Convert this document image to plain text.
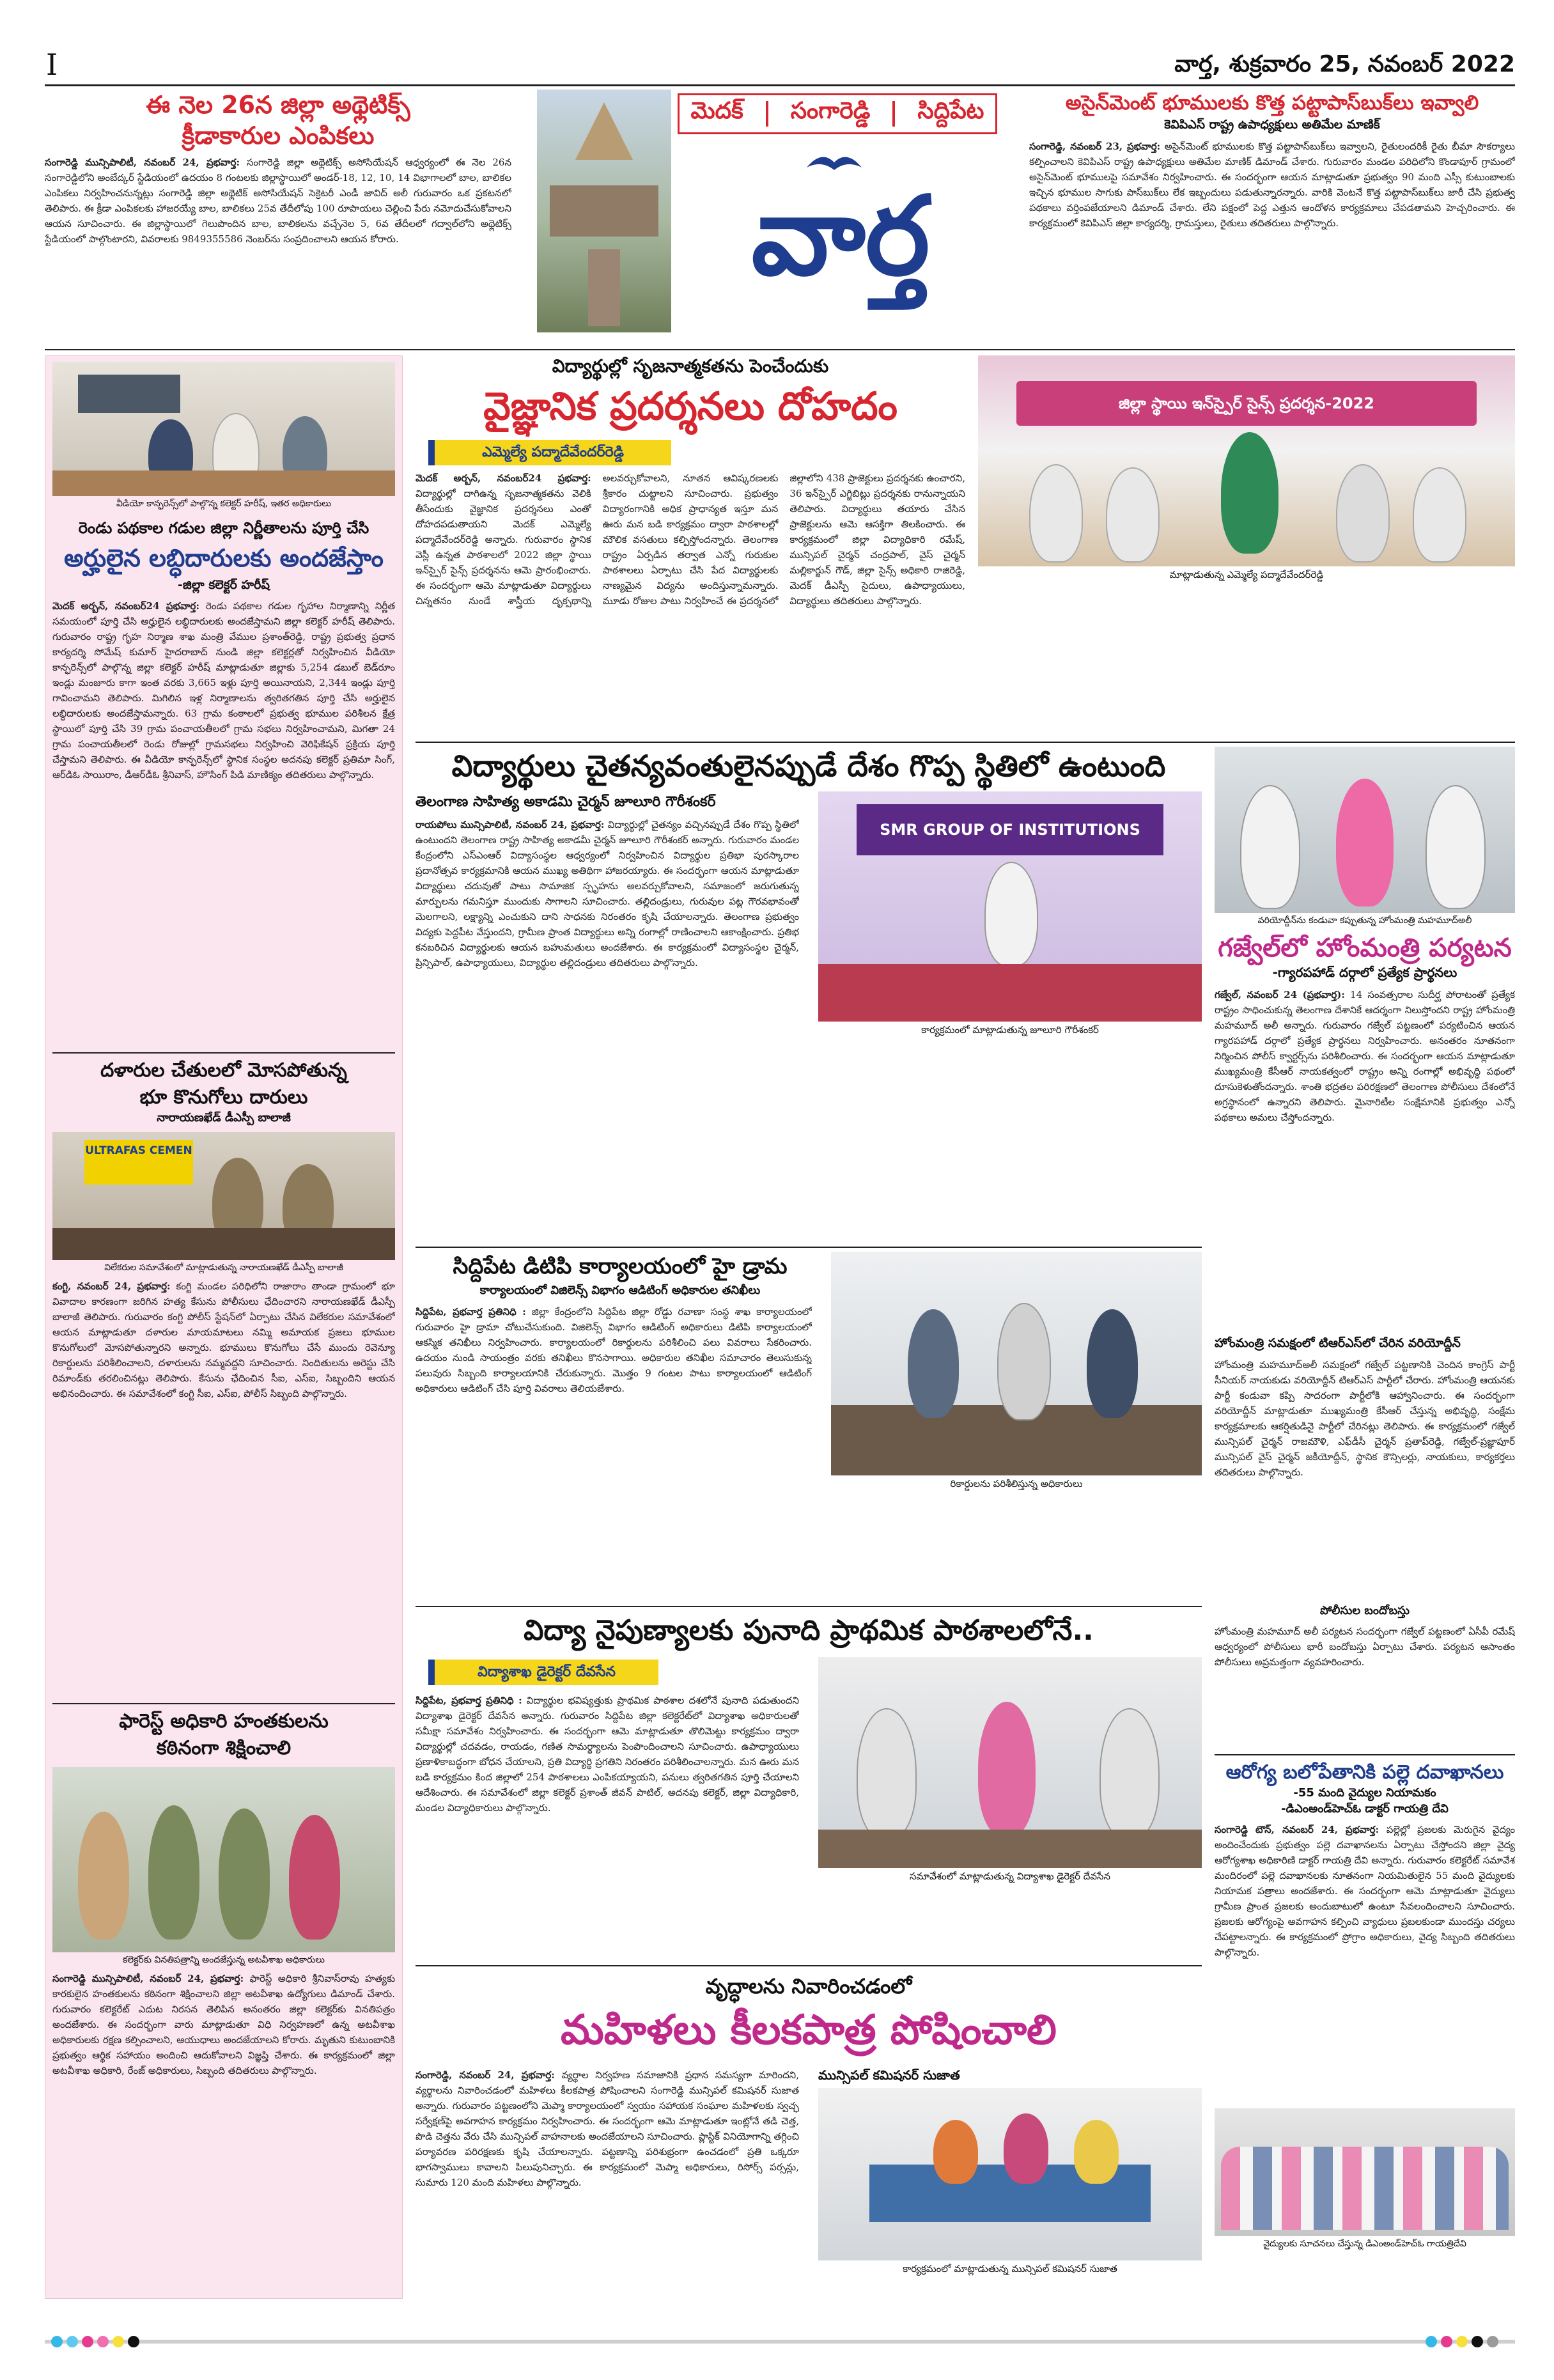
I	వార్త, శుక్రవారం 25, నవంబర్ 2022
ఈ నెల 26న జిల్లా అథ్లెటిక్స్
క్రీడాకారుల ఎంపికలు
సంగారెడ్డి మున్సిపాలిటీ, నవంబర్ 24, ప్రభవార్త: సంగారెడ్డి జిల్లా అథ్లెటిక్స్ అసోసియేషన్ ఆధ్వర్యంలో ఈ నెల 26న సంగారెడ్డిలోని అంబేద్కర్ స్టేడియంలో ఉదయం 8 గంటలకు జిల్లాస్థాయిలో అండర్-18, 12, 10, 14 విభాగాలలో బాల, బాలికల ఎంపికలు నిర్వహించనున్నట్లు సంగారెడ్డి జిల్లా అథ్లెటిక్ అసోసియేషన్ సెక్రెటరీ ఎండీ జావిద్ అలీ గురువారం ఒక ప్రకటనలో తెలిపారు. ఈ క్రీడా ఎంపికలకు హాజరయ్యే బాల, బాలికలు 25వ తేదీలోపు 100 రూపాయలు చెల్లించి పేరు నమోదుచేసుకోవాలని ఆయన సూచించారు. ఈ జిల్లాస్థాయిలో గెలుపొందిన బాల, బాలికలను వచ్చేనెల 5, 6వ తేదీలలో గద్వాల్‌లోని అథ్లెటిక్స్ స్టేడియంలో పాల్గొంటారని, వివరాలకు 9849355586 నెంబర్‌ను సంప్రదించాలని ఆయన కోరారు.
మెదక్ సంగారెడ్డి సిద్దిపేట
వార్త
అసైన్‌మెంట్ భూములకు కొత్త పట్టాపాస్‌బుక్‌లు ఇవ్వాలి
కెవిపిఎస్ రాష్ట్ర ఉపాధ్యక్షులు అతిమేల మాణిక్
సంగారెడ్డి, నవంబర్ 23, ప్రభవార్త: అసైన్‌మెంట్ భూములకు కొత్త పట్టాపాస్‌బుక్‌లు ఇవ్వాలని, రైతులందరికీ రైతు బీమా సౌకర్యాలు కల్పించాలని కెవిపిఎస్ రాష్ట్ర ఉపాధ్యక్షులు అతిమేల మాణిక్ డిమాండ్ చేశారు. గురువారం మండల పరిధిలోని కొండాపూర్ గ్రామంలో అసైన్‌మెంట్ భూములపై సమావేశం నిర్వహించారు. ఈ సందర్భంగా ఆయన మాట్లాడుతూ ప్రభుత్వం 90 మంది ఎస్సీ కుటుంబాలకు ఇచ్చిన భూముల సాగుకు పాస్‌బుక్‌లు లేక ఇబ్బందులు పడుతున్నారన్నారు. వారికి వెంటనే కొత్త పట్టాపాస్‌బుక్‌లు జారీ చేసి ప్రభుత్వ పథకాలు వర్తింపజేయాలని డిమాండ్ చేశారు. లేని పక్షంలో పెద్ద ఎత్తున ఆందోళన కార్యక్రమాలు చేపడతామని హెచ్చరించారు. ఈ కార్యక్రమంలో కెవిపిఎస్ జిల్లా కార్యదర్శి, గ్రామస్తులు, రైతులు తదితరులు పాల్గొన్నారు.
వీడియో కాన్ఫరెన్స్‌లో పాల్గొన్న కలెక్టర్ హరీష్, ఇతర అధికారులు
రెండు పథకాల గడుల జిల్లా నిర్ణీతాలను పూర్తి చేసి
అర్హులైన లబ్ధిదారులకు అందజేస్తాం
-జిల్లా కలెక్టర్ హరీష్
మెదక్ అర్బన్, నవంబర్24 ప్రభవార్త: రెండు పథకాల గడుల గృహాల నిర్మాణాన్ని నిర్ణీత సమయంలో పూర్తి చేసి అర్హులైన లబ్ధిదారులకు అందజేస్తామని జిల్లా కలెక్టర్ హరీష్ తెలిపారు. గురువారం రాష్ట్ర గృహ నిర్మాణ శాఖ మంత్రి వేముల ప్రశాంత్‌రెడ్డి, రాష్ట్ర ప్రభుత్వ ప్రధాన కార్యదర్శి సోమేష్ కుమార్ హైదరాబాద్ నుండి జిల్లా కలెక్టర్లతో నిర్వహించిన వీడియో కాన్ఫరెన్స్‌లో పాల్గొన్న జిల్లా కలెక్టర్ హరీష్ మాట్లాడుతూ జిల్లాకు 5,254 డబుల్ బెడ్‌రూం ఇండ్లు మంజూరు కాగా ఇంత వరకు 3,665 ఇళ్లు పూర్తి అయినాయని, 2,344 ఇండ్లు పూర్తి గావించామని తెలిపారు. మిగిలిన ఇళ్ల నిర్మాణాలను త్వరితగతిన పూర్తి చేసి అర్హులైన లబ్ధిదారులకు అందజేస్తామన్నారు. 63 గ్రామ కంఠాలలో ప్రభుత్వ భూముల పరిశీలన క్షేత్ర స్థాయిలో పూర్తి చేసి 39 గ్రామ పంచాయతీలలో గ్రామ సభలు నిర్వహించామని, మిగతా 24 గ్రామ పంచాయతీలలో రెండు రోజుల్లో గ్రామసభలు నిర్వహించి వెరిఫికేషన్ ప్రక్రియ పూర్తి చేస్తామని తెలిపారు. ఈ వీడియో కాన్ఫరెన్స్‌లో స్థానిక సంస్థల అదనపు కలెక్టర్ ప్రతిమా సింగ్, ఆర్‌డిఓ సాయిరాం, డీఆర్‌డీఓ శ్రీనివాస్, హౌసింగ్ పిడి మాణిక్యం తదితరులు పాల్గొన్నారు.
దళారుల చేతులలో మోసపోతున్న
భూ కొనుగోలు దారులు
నారాయణఖేడ్ డీఎస్పీ బాలాజీ
ULTRAFAS CEMEN
విలేకరుల సమావేశంలో మాట్లాడుతున్న నారాయణఖేడ్ డీఎస్పీ బాలాజీ
కంగ్టి, నవంబర్ 24, ప్రభవార్త: కంగ్టి మండల పరిధిలోని రాజారాం తాండా గ్రామంలో భూ వివాదాల కారణంగా జరిగిన హత్య కేసును పోలీసులు ఛేదించారని నారాయణఖేడ్ డీఎస్పీ బాలాజీ తెలిపారు. గురువారం కంగ్టి పోలీస్ స్టేషన్‌లో ఏర్పాటు చేసిన విలేకరుల సమావేశంలో ఆయన మాట్లాడుతూ దళారుల మాయమాటలు నమ్మి అమాయక ప్రజలు భూముల కొనుగోలులో మోసపోతున్నారని అన్నారు. భూములు కొనుగోలు చేసే ముందు రెవెన్యూ రికార్డులను పరిశీలించాలని, దళారులను నమ్మవద్దని సూచించారు. నిందితులను అరెస్టు చేసి రిమాండ్‌కు తరలించినట్లు తెలిపారు. కేసును ఛేదించిన సీఐ, ఎస్ఐ, సిబ్బందిని ఆయన అభినందించారు. ఈ సమావేశంలో కంగ్టి సీఐ, ఎస్ఐ, పోలీస్ సిబ్బంది పాల్గొన్నారు.
ఫారెస్ట్ అధికారి హంతకులను
కఠినంగా శిక్షించాలి
కలెక్టర్‌కు వినతిపత్రాన్ని అందజేస్తున్న అటవీశాఖ అధికారులు
సంగారెడ్డి మున్సిపాలిటీ, నవంబర్ 24, ప్రభవార్త: ఫారెస్ట్ అధికారి శ్రీనివాస్‌రావు హత్యకు కారకులైన హంతకులను కఠినంగా శిక్షించాలని జిల్లా అటవీశాఖ ఉద్యోగులు డిమాండ్ చేశారు. గురువారం కలెక్టరేట్ ఎదుట నిరసన తెలిపిన అనంతరం జిల్లా కలెక్టర్‌కు వినతిపత్రం అందజేశారు. ఈ సందర్భంగా వారు మాట్లాడుతూ విధి నిర్వహణలో ఉన్న అటవీశాఖ అధికారులకు రక్షణ కల్పించాలని, ఆయుధాలు అందజేయాలని కోరారు. మృతుని కుటుంబానికి ప్రభుత్వం ఆర్థిక సహాయం అందించి ఆదుకోవాలని విజ్ఞప్తి చేశారు. ఈ కార్యక్రమంలో జిల్లా అటవీశాఖ అధికారి, రేంజ్ అధికారులు, సిబ్బంది తదితరులు పాల్గొన్నారు.
విద్యార్థుల్లో సృజనాత్మకతను పెంచేందుకు
వైజ్ఞానిక ప్రదర్శనలు దోహదం
ఎమ్మెల్యే పద్మాదేవేందర్‌రెడ్డి
మెదక్ అర్బన్, నవంబర్24 ప్రభవార్త: విద్యార్థుల్లో దాగిఉన్న సృజనాత్మకతను వెలికి తీసేందుకు వైజ్ఞానిక ప్రదర్శనలు ఎంతో దోహదపడుతాయని మెదక్ ఎమ్మెల్యే పద్మాదేవేందర్‌రెడ్డి అన్నారు. గురువారం స్థానిక వెస్లీ ఉన్నత పాఠశాలలో 2022 జిల్లా స్థాయి ఇన్‌స్పైర్ సైన్స్ ప్రదర్శనను ఆమె ప్రారంభించారు. ఈ సందర్భంగా ఆమె మాట్లాడుతూ విద్యార్థులు చిన్నతనం నుండే శాస్త్రీయ దృక్పథాన్ని అలవర్చుకోవాలని, నూతన ఆవిష్కరణలకు శ్రీకారం చుట్టాలని సూచించారు. ప్రభుత్వం విద్యారంగానికి అధిక ప్రాధాన్యత ఇస్తూ మన ఊరు మన బడి కార్యక్రమం ద్వారా పాఠశాలల్లో మౌలిక వసతులు కల్పిస్తోందన్నారు. తెలంగాణ రాష్ట్రం ఏర్పడిన తర్వాత ఎన్నో గురుకుల పాఠశాలలు ఏర్పాటు చేసి పేద విద్యార్థులకు నాణ్యమైన విద్యను అందిస్తున్నామన్నారు. మూడు రోజుల పాటు నిర్వహించే ఈ ప్రదర్శనలో జిల్లాలోని 438 ప్రాజెక్టులు ప్రదర్శనకు ఉంచారని, 36 ఇన్‌స్పైర్ ఎగ్జిబిట్లు ప్రదర్శనకు రానున్నాయని తెలిపారు. విద్యార్థులు తయారు చేసిన ప్రాజెక్టులను ఆమె ఆసక్తిగా తిలకించారు. ఈ కార్యక్రమంలో జిల్లా విద్యాధికారి రమేష్, మున్సిపల్ చైర్మన్ చంద్రపాల్, వైస్ చైర్మన్ మల్లికార్జున్ గౌడ్, జిల్లా సైన్స్ అధికారి రాజిరెడ్డి, మెదక్ డీఎస్పీ సైదులు, ఉపాధ్యాయులు, విద్యార్థులు తదితరులు పాల్గొన్నారు.
జిల్లా స్థాయి ఇన్‌స్పైర్ సైన్స్ ప్రదర్శన-2022
మాట్లాడుతున్న ఎమ్మెల్యే పద్మాదేవేందర్‌రెడ్డి
విద్యార్థులు చైతన్యవంతులైనప్పుడే దేశం గొప్ప స్థితిలో ఉంటుంది
తెలంగాణ సాహిత్య అకాడమి చైర్మన్ జూలూరి గౌరీశంకర్
రాయపోలు మున్సిపాలిటీ, నవంబర్ 24, ప్రభవార్త: విద్యార్థుల్లో చైతన్యం వచ్చినప్పుడే దేశం గొప్ప స్థితిలో ఉంటుందని తెలంగాణ రాష్ట్ర సాహిత్య అకాడమీ చైర్మన్ జూలూరి గౌరీశంకర్ అన్నారు. గురువారం మండల కేంద్రంలోని ఎస్ఎంఆర్ విద్యాసంస్థల ఆధ్వర్యంలో నిర్వహించిన విద్యార్థుల ప్రతిభా పురస్కారాల ప్రదానోత్సవ కార్యక్రమానికి ఆయన ముఖ్య అతిథిగా హాజరయ్యారు. ఈ సందర్భంగా ఆయన మాట్లాడుతూ విద్యార్థులు చదువుతో పాటు సామాజిక స్పృహను అలవర్చుకోవాలని, సమాజంలో జరుగుతున్న మార్పులను గమనిస్తూ ముందుకు సాగాలని సూచించారు. తల్లిదండ్రులు, గురువుల పట్ల గౌరవభావంతో మెలగాలని, లక్ష్యాన్ని ఎంచుకుని దాని సాధనకు నిరంతరం కృషి చేయాలన్నారు. తెలంగాణ ప్రభుత్వం విద్యకు పెద్దపీట వేస్తుందని, గ్రామీణ ప్రాంత విద్యార్థులు అన్ని రంగాల్లో రాణించాలని ఆకాంక్షించారు. ప్రతిభ కనబరిచిన విద్యార్థులకు ఆయన బహుమతులు అందజేశారు. ఈ కార్యక్రమంలో విద్యాసంస్థల చైర్మన్, ప్రిన్సిపాల్, ఉపాధ్యాయులు, విద్యార్థుల తల్లిదండ్రులు తదితరులు పాల్గొన్నారు.
SMR GROUP OF INSTITUTIONS
కార్యక్రమంలో మాట్లాడుతున్న జూలూరి గౌరీశంకర్
వరియోద్దీన్‌ను కండువా కప్పుతున్న హోంమంత్రి మహమూద్‌అలీ
గజ్వేల్‌లో హోంమంత్రి పర్యటన
-గ్యారపహాడ్ దర్గాలో ప్రత్యేక ప్రార్థనలు
గజ్వేల్, నవంబర్ 24 (ప్రభవార్త): 14 సంవత్సరాల సుదీర్ఘ పోరాటంతో ప్రత్యేక రాష్ట్రం సాధించుకున్న తెలంగాణ దేశానికే ఆదర్శంగా నిలుస్తోందని రాష్ట్ర హోంమంత్రి మహమూద్ అలీ అన్నారు. గురువారం గజ్వేల్ పట్టణంలో పర్యటించిన ఆయన గ్యారపహాడ్ దర్గాలో ప్రత్యేక ప్రార్థనలు నిర్వహించారు. అనంతరం నూతనంగా నిర్మించిన పోలీస్ క్వార్టర్స్‌ను పరిశీలించారు. ఈ సందర్భంగా ఆయన మాట్లాడుతూ ముఖ్యమంత్రి కేసీఆర్ నాయకత్వంలో రాష్ట్రం అన్ని రంగాల్లో అభివృద్ధి పథంలో దూసుకెళుతోందన్నారు. శాంతి భద్రతల పరిరక్షణలో తెలంగాణ పోలీసులు దేశంలోనే అగ్రస్థానంలో ఉన్నారని తెలిపారు. మైనారిటీల సంక్షేమానికి ప్రభుత్వం ఎన్నో పథకాలు అమలు చేస్తోందన్నారు.
హోంమంత్రి సమక్షంలో టిఆర్ఎస్‌లో చేరిన వరియోద్దీన్
హోంమంత్రి మహమూద్‌అలీ సమక్షంలో గజ్వేల్ పట్టణానికి చెందిన కాంగ్రెస్ పార్టీ సీనియర్ నాయకుడు వరియోద్దీన్ టిఆర్ఎస్ పార్టీలో చేరారు. హోంమంత్రి ఆయనకు పార్టీ కండువా కప్పి సాదరంగా పార్టీలోకి ఆహ్వానించారు. ఈ సందర్భంగా వరియోద్దీన్ మాట్లాడుతూ ముఖ్యమంత్రి కేసీఆర్ చేస్తున్న అభివృద్ధి, సంక్షేమ కార్యక్రమాలకు ఆకర్షితుడినై పార్టీలో చేరినట్లు తెలిపారు. ఈ కార్యక్రమంలో గజ్వేల్ మున్సిపల్ చైర్మన్ రాజమౌళి, ఎఫ్‌డీసీ చైర్మన్ ప్రతాప్‌రెడ్డి, గజ్వేల్-ప్రజ్ఞాపూర్ మున్సిపల్ వైస్ చైర్మన్ జకీయోద్దీన్, స్థానిక కౌన్సిలర్లు, నాయకులు, కార్యకర్తలు తదితరులు పాల్గొన్నారు.
పోలీసుల బందోబస్తు
హోంమంత్రి మహమూద్ అలీ పర్యటన సందర్భంగా గజ్వేల్ పట్టణంలో ఏసీపీ రమేష్ ఆధ్వర్యంలో పోలీసులు భారీ బందోబస్తు ఏర్పాటు చేశారు. పర్యటన ఆసాంతం పోలీసులు అప్రమత్తంగా వ్యవహరించారు.
ఆరోగ్య బలోపేతానికి పల్లె దవాఖానలు
-55 మంది వైద్యుల నియామకం
-డిఎంఅండ్‌హెచ్ఓ డాక్టర్ గాయత్రి దేవి
సంగారెడ్డి టౌన్, నవంబర్ 24, ప్రభవార్త: పల్లెల్లో ప్రజలకు మెరుగైన వైద్యం అందించేందుకు ప్రభుత్వం పల్లె దవాఖానలను ఏర్పాటు చేస్తోందని జిల్లా వైద్య ఆరోగ్యశాఖ అధికారిణి డాక్టర్ గాయత్రి దేవి అన్నారు. గురువారం కలెక్టరేట్ సమావేశ మందిరంలో పల్లె దవాఖానలకు నూతనంగా నియమితులైన 55 మంది వైద్యులకు నియామక పత్రాలు అందజేశారు. ఈ సందర్భంగా ఆమె మాట్లాడుతూ వైద్యులు గ్రామీణ ప్రాంత ప్రజలకు అందుబాటులో ఉంటూ సేవలందించాలని సూచించారు. ప్రజలకు ఆరోగ్యంపై అవగాహన కల్పించి వ్యాధులు ప్రబలకుండా ముందస్తు చర్యలు చేపట్టాలన్నారు. ఈ కార్యక్రమంలో ప్రోగ్రాం అధికారులు, వైద్య సిబ్బంది తదితరులు పాల్గొన్నారు.
వైద్యులకు సూచనలు చేస్తున్న డిఎంఅండ్‌హెచ్ఓ గాయత్రిదేవి
సిద్దిపేట డిటిపి కార్యాలయంలో హై డ్రామ
కార్యాలయంలో విజిలెన్స్ విభాగం ఆడిటింగ్ అధికారుల తనిఖీలు
సిద్దిపేట, ప్రభవార్త ప్రతినిధి : జిల్లా కేంద్రంలోని సిద్దిపేట జిల్లా రోడ్డు రవాణా సంస్థ శాఖ కార్యాలయంలో గురువారం హై డ్రామా చోటుచేసుకుంది. విజిలెన్స్ విభాగం ఆడిటింగ్ అధికారులు డిటిపి కార్యాలయంలో ఆకస్మిక తనిఖీలు నిర్వహించారు. కార్యాలయంలో రికార్డులను పరిశీలించి పలు వివరాలు సేకరించారు. ఉదయం నుండి సాయంత్రం వరకు తనిఖీలు కొనసాగాయి. అధికారుల తనిఖీల సమాచారం తెలుసుకున్న పలువురు సిబ్బంది కార్యాలయానికి చేరుకున్నారు. మొత్తం 9 గంటల పాటు కార్యాలయంలో ఆడిటింగ్ అధికారులు ఆడిటింగ్ చేసి పూర్తి వివరాలు తెలియజేశారు.
రికార్డులను పరిశీలిస్తున్న అధికారులు
విద్యా నైపుణ్యాలకు పునాది ప్రాథమిక పాఠశాలలోనే..
విద్యాశాఖ డైరెక్టర్ దేవసేన
సిద్దిపేట, ప్రభవార్త ప్రతినిధి : విద్యార్థుల భవిష్యత్తుకు ప్రాథమిక పాఠశాల దశలోనే పునాది పడుతుందని విద్యాశాఖ డైరెక్టర్ దేవసేన అన్నారు. గురువారం సిద్దిపేట జిల్లా కలెక్టరేట్‌లో విద్యాశాఖ అధికారులతో సమీక్షా సమావేశం నిర్వహించారు. ఈ సందర్భంగా ఆమె మాట్లాడుతూ తొలిమెట్టు కార్యక్రమం ద్వారా విద్యార్థుల్లో చదవడం, రాయడం, గణిత సామర్థ్యాలను పెంపొందించాలని సూచించారు. ఉపాధ్యాయులు ప్రణాళికాబద్ధంగా బోధన చేయాలని, ప్రతి విద్యార్థి ప్రగతిని నిరంతరం పరిశీలించాలన్నారు. మన ఊరు మన బడి కార్యక్రమం కింద జిల్లాలో 254 పాఠశాలలు ఎంపికయ్యాయని, పనులు త్వరితగతిన పూర్తి చేయాలని ఆదేశించారు. ఈ సమావేశంలో జిల్లా కలెక్టర్ ప్రశాంత్ జీవన్ పాటిల్, అదనపు కలెక్టర్, జిల్లా విద్యాధికారి, మండల విద్యాధికారులు పాల్గొన్నారు.
సమావేశంలో మాట్లాడుతున్న విద్యాశాఖ డైరెక్టర్ దేవసేన
వృద్ధాలను నివారించడంలో
మహిళలు కీలకపాత్ర పోషించాలి
సంగారెడ్డి, నవంబర్ 24, ప్రభవార్త: వ్యర్థాల నిర్వహణ సమాజానికి ప్రధాన సమస్యగా మారిందని, వ్యర్థాలను నివారించడంలో మహిళలు కీలకపాత్ర పోషించాలని సంగారెడ్డి మున్సిపల్ కమిషనర్ సుజాత అన్నారు. గురువారం పట్టణంలోని మెప్మా కార్యాలయంలో స్వయం సహాయక సంఘాల మహిళలకు స్వచ్ఛ సర్వేక్షణ్‌పై అవగాహన కార్యక్రమం నిర్వహించారు. ఈ సందర్భంగా ఆమె మాట్లాడుతూ ఇంట్లోనే తడి చెత్త, పొడి చెత్తను వేరు చేసి మున్సిపల్ వాహనాలకు అందజేయాలని సూచించారు. ప్లాస్టిక్ వినియోగాన్ని తగ్గించి పర్యావరణ పరిరక్షణకు కృషి చేయాలన్నారు. పట్టణాన్ని పరిశుభ్రంగా ఉంచడంలో ప్రతి ఒక్కరూ భాగస్వాములు కావాలని పిలుపునిచ్చారు. ఈ కార్యక్రమంలో మెప్మా అధికారులు, రిసోర్స్ పర్సన్లు, సుమారు 120 మంది మహిళలు పాల్గొన్నారు.
మున్సిపల్ కమిషనర్ సుజాత
కార్యక్రమంలో మాట్లాడుతున్న మున్సిపల్ కమిషనర్ సుజాత
